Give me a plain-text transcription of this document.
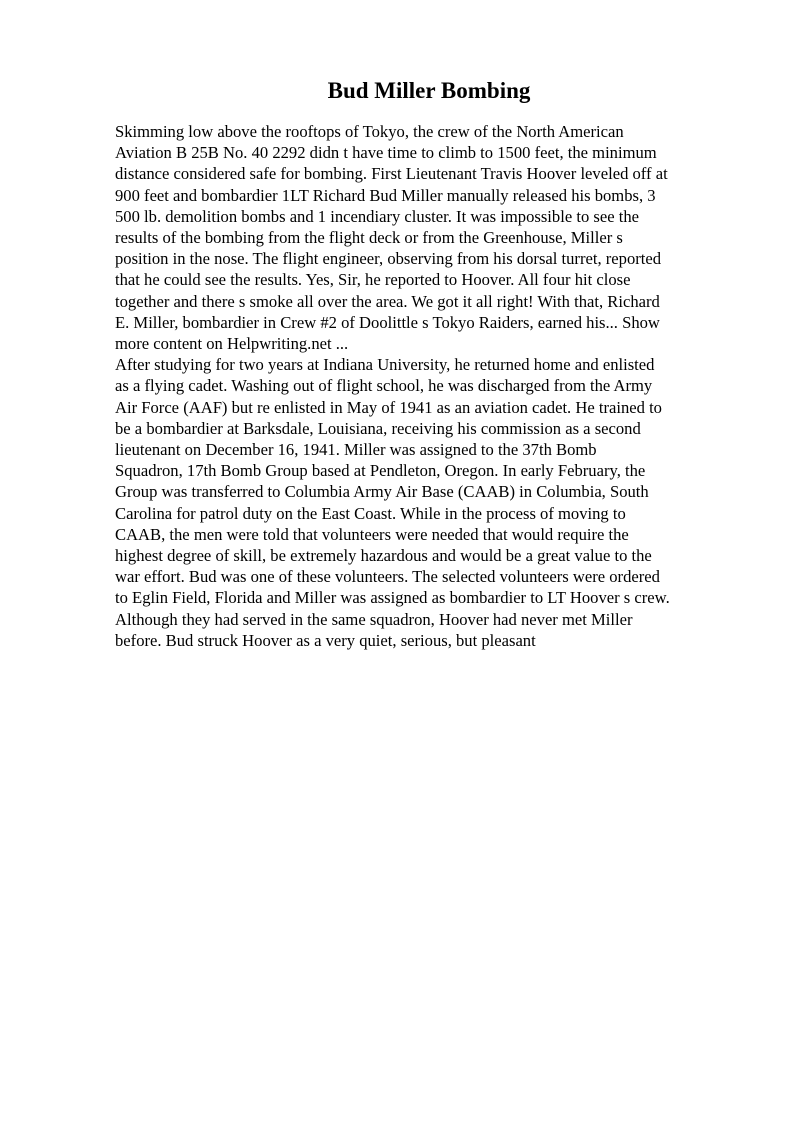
Bud Miller Bombing
Skimming low above the rooftops of Tokyo, the crew of the North American
Aviation B 25B No. 40 2292 didn t have time to climb to 1500 feet, the minimum
distance considered safe for bombing. First Lieutenant Travis Hoover leveled off at
900 feet and bombardier 1LT Richard Bud Miller manually released his bombs, 3
500 lb. demolition bombs and 1 incendiary cluster. It was impossible to see the
results of the bombing from the flight deck or from the Greenhouse, Miller s
position in the nose. The flight engineer, observing from his dorsal turret, reported
that he could see the results. Yes, Sir, he reported to Hoover. All four hit close
together and there s smoke all over the area. We got it all right! With that, Richard
E. Miller, bombardier in Crew #2 of Doolittle s Tokyo Raiders, earned his... Show
more content on Helpwriting.net ...
After studying for two years at Indiana University, he returned home and enlisted
as a flying cadet. Washing out of flight school, he was discharged from the Army
Air Force (AAF) but re enlisted in May of 1941 as an aviation cadet. He trained to
be a bombardier at Barksdale, Louisiana, receiving his commission as a second
lieutenant on December 16, 1941. Miller was assigned to the 37th Bomb
Squadron, 17th Bomb Group based at Pendleton, Oregon. In early February, the
Group was transferred to Columbia Army Air Base (CAAB) in Columbia, South
Carolina for patrol duty on the East Coast. While in the process of moving to
CAAB, the men were told that volunteers were needed that would require the
highest degree of skill, be extremely hazardous and would be a great value to the
war effort. Bud was one of these volunteers. The selected volunteers were ordered
to Eglin Field, Florida and Miller was assigned as bombardier to LT Hoover s crew.
Although they had served in the same squadron, Hoover had never met Miller
before. Bud struck Hoover as a very quiet, serious, but pleasant
